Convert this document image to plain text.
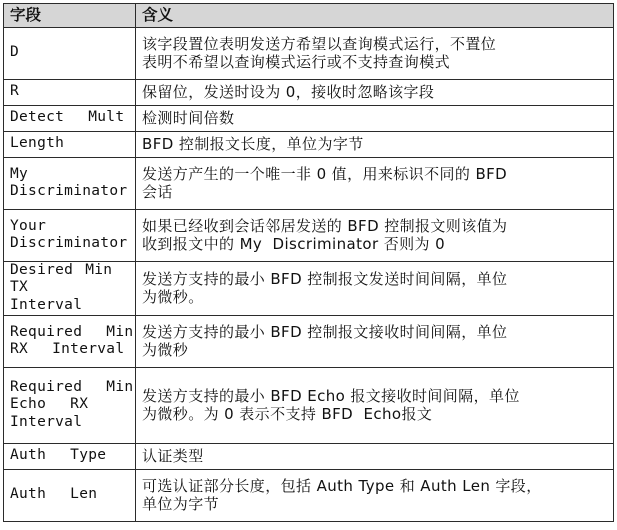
字段	含义

D	该字段置位表明发送方希望以查询模式运行，不置位
表明不希望以查询模式运行或不支持查询模式

R	保留位，发送时设为 0，接收时忽略该字段

Detect  Mult	检测时间倍数

Length	BFD 控制报文长度，单位为字节

My
Discriminator	发送方产生的一个唯一非 0 值，用来标识不同的 BFD
会话

Your
Discriminator	如果已经收到会话邻居发送的 BFD 控制报文则该值为
收到报文中的 My  Discriminator 否则为 0

Desired Min TX
Interval	发送方支持的最小 BFD 控制报文发送时间间隔，单位
为微秒。

Required  Min
RX  Interval	发送方支持的最小 BFD 控制报文接收时间间隔，单位
为微秒

Required  Min
Echo  RX
Interval	发送方支持的最小 BFD Echo 报文接收时间间隔，单位
为微秒。为 0 表示不支持 BFD  Echo报文

Auth  Type	认证类型

Auth  Len	可选认证部分长度，包括 Auth Type 和 Auth Len 字段，
单位为字节
